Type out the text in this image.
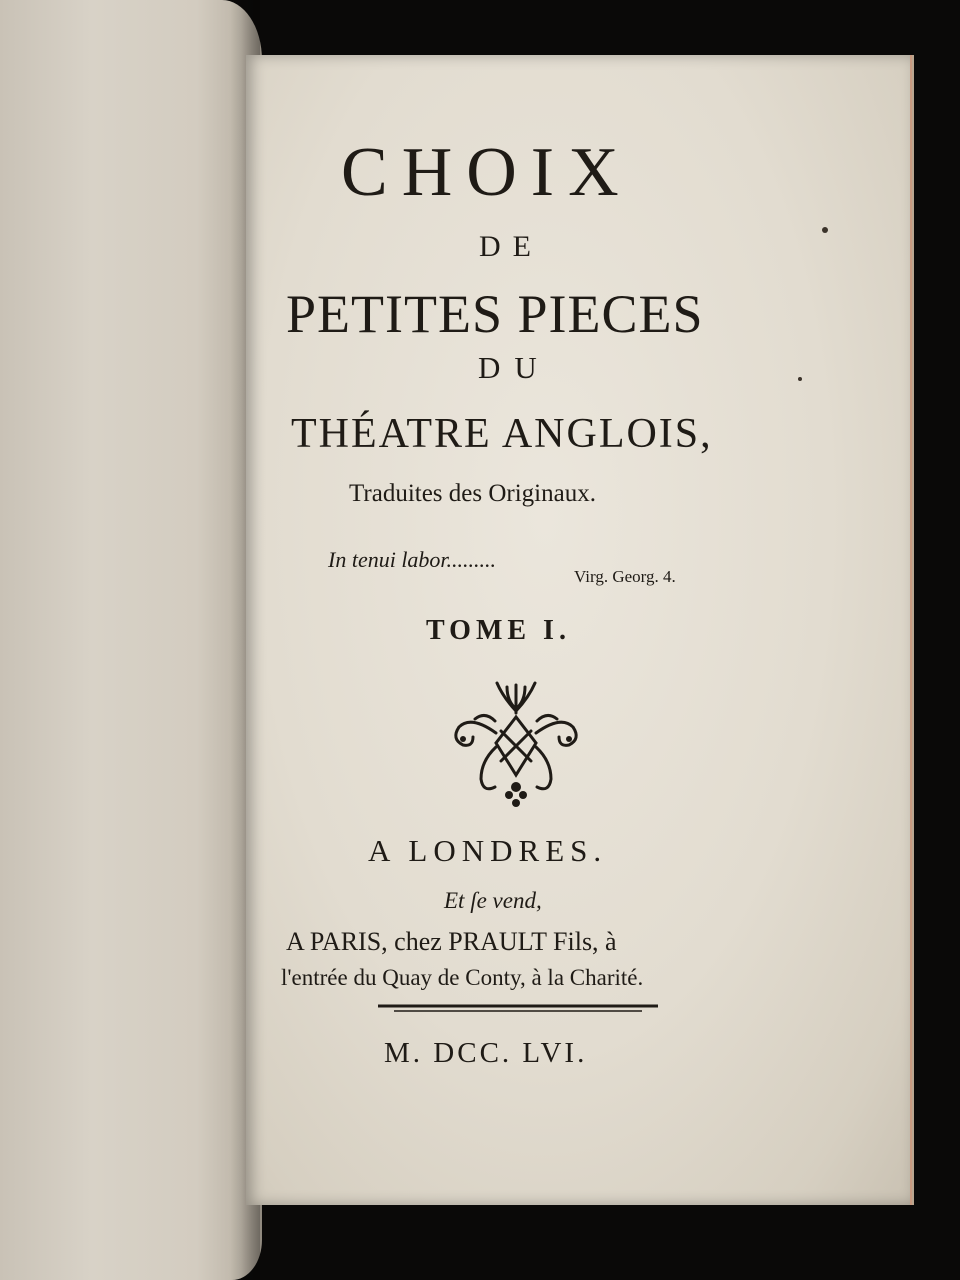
CHOIX
DE
PETITES PIECES
DU
THÉATRE ANGLOIS,
Traduites des Originaux.
In tenui labor.........
Virg. Georg. 4.
TOME I.
A LONDRES.
Et ſe vend,
A PARIS, chez PRAULT Fils, à
l'entrée du Quay de Conty, à la Charité.
M. DCC. LVI.
